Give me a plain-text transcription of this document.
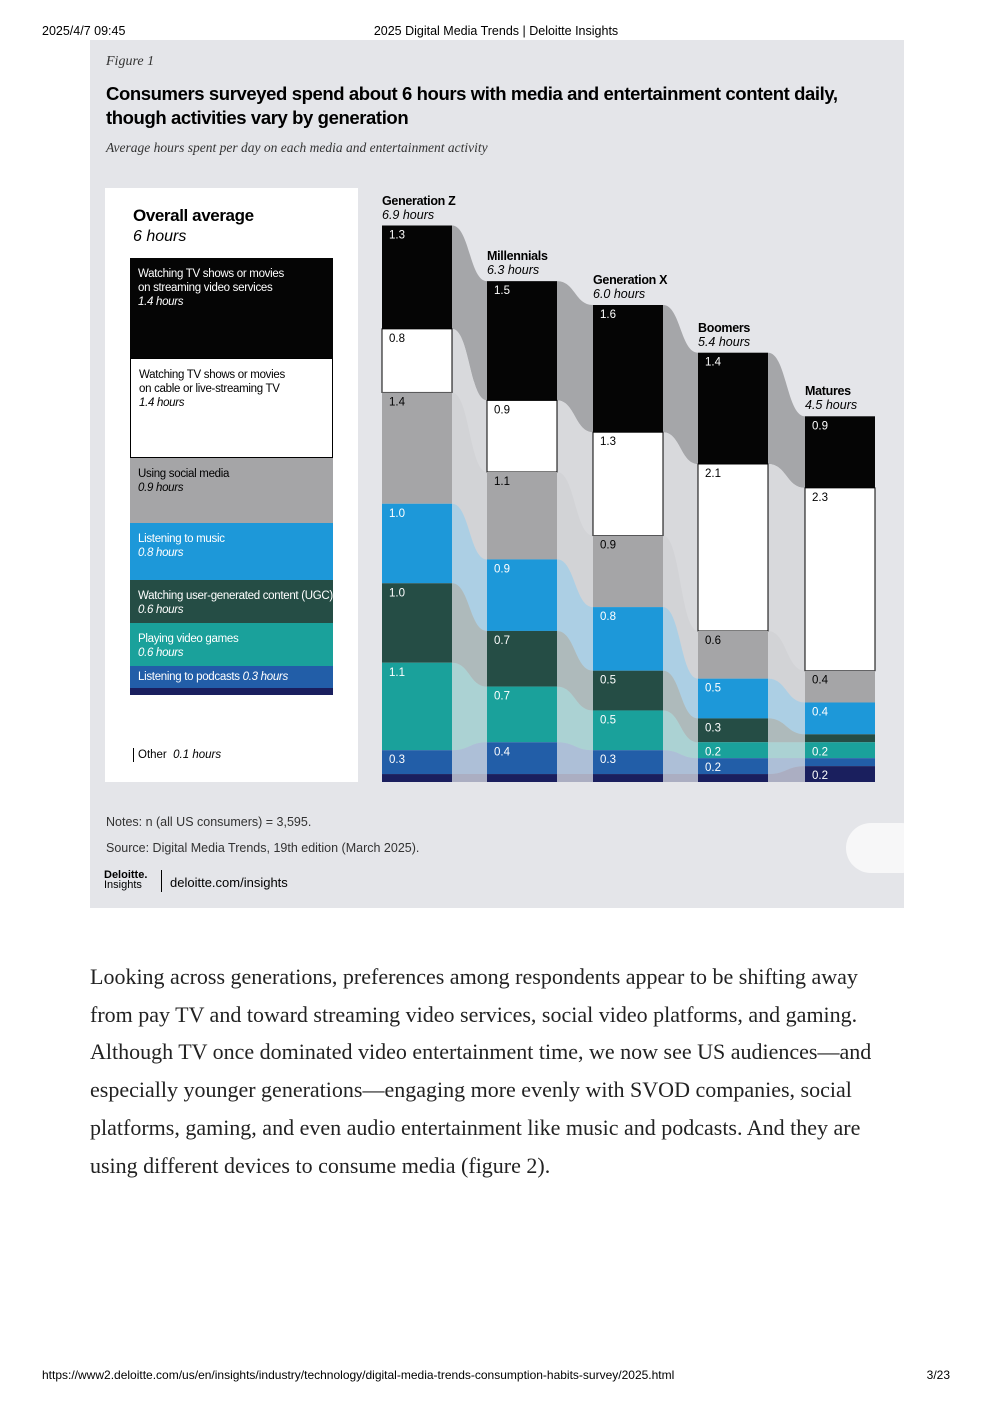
2025/4/7 09:45	2025 Digital Media Trends | Deloitte Insights
Figure 1
Consumers surveyed spend about 6 hours with media and entertainment content daily, though activities vary by generation
Average hours spent per day on each media and entertainment activity
1.3
0.8
1.4
1.0
1.0
1.1
0.3
1.5
0.9
1.1
0.9
0.7
0.7
0.4
1.6
1.3
0.9
0.8
0.5
0.5
0.3
1.4
2.1
0.6
0.5
0.3
0.2
0.2
0.9
2.3
0.4
0.4
0.2
0.2
Overall average
6 hours
Watching TV shows or movies
on streaming video services
1.4 hours
Watching TV shows or movies
on cable or live-streaming TV
1.4 hours
Using social media
0.9 hours
Listening to music
0.8 hours
Watching user-generated content (UGC)
0.6 hours
Playing video games
0.6 hours
Listening to podcasts 0.3 hours
Other 0.1 hours
Generation Z
6.9 hours
Millennials
6.3 hours
Generation X
6.0 hours
Boomers
5.4 hours
Matures
4.5 hours
Notes: n (all US consumers) = 3,595.
Source: Digital Media Trends, 19th edition (March 2025).
Deloitte.
Insights	deloitte.com/insights
Looking across generations, preferences among respondents appear to be shifting away from pay TV and toward streaming video services, social video platforms, and gaming. Although TV once dominated video entertainment time, we now see US audiences—and especially younger generations—engaging more evenly with SVOD companies, social platforms, gaming, and even audio entertainment like music and podcasts. And they are using different devices to consume media (figure 2).
https://www2.deloitte.com/us/en/insights/industry/technology/digital-media-trends-consumption-habits-survey/2025.html	3/23
